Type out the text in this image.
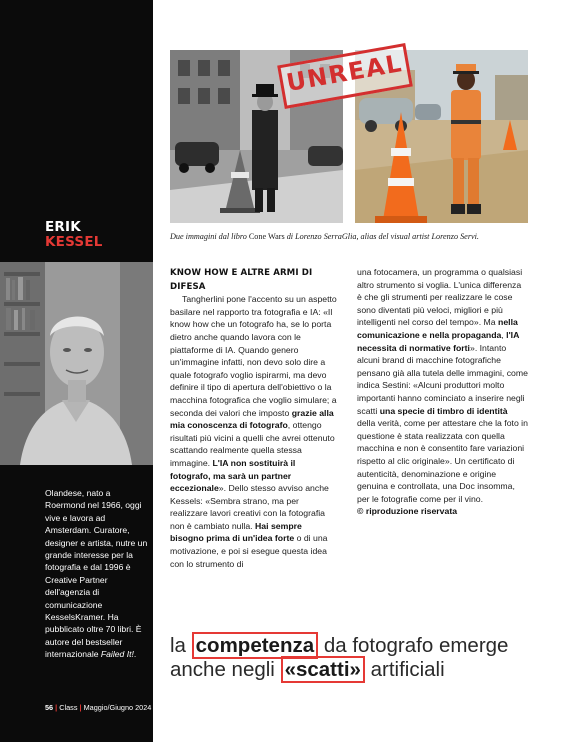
ERIK
KESSEL
Olandese, nato a Roermond nel 1966, oggi vive e lavora ad Amsterdam. Curatore, designer e artista, nutre un grande interesse per la fotografia e dal 1996 è Creative Partner dell'agenzia di comunicazione KesselsKramer. Ha pubblicato oltre 70 libri. È autore del bestseller internazionale Failed It!.
56 | Class | Maggio/Giugno 2024
UNREAL
Due immagini dal libro Cone Wars di Lorenzo SerraGlia, alias del visual artist Lorenzo Servi.

KNOW HOW E ALTRE ARMI DI DIFESA
Tangherlini pone l'accento su un aspetto basilare nel rapporto tra fotografia e IA: «Il know how che un fotografo ha, se lo porta dietro anche quando lavora con le piattaforme di IA. Quando genero un'immagine infatti, non devo solo dire a quale fotografo voglio ispirarmi, ma devo definire il tipo di apertura dell'obiettivo o la macchina fotografica che voglio simulare; a seconda dei valori che imposto grazie alla mia conoscenza di fotografo, ottengo risultati più vicini a quelli che avrei ottenuto scattando realmente quella stessa immagine. L'IA non sostituirà il fotografo, ma sarà un partner eccezionale». Dello stesso avviso anche Kessels: «Sembra strano, ma per realizzare lavori creativi con la fotografia non è cambiato nulla. Hai sempre bisogno prima di un'idea forte o di una motivazione, e poi si esegue questa idea con lo strumento di

una fotocamera, un programma o qualsiasi altro strumento si voglia. L'unica differenza è che gli strumenti per realizzare le cose sono diventati più veloci, migliori e più intelligenti nel corso del tempo». Ma nella comunicazione e nella propaganda, l'IA necessita di normative forti». Intanto alcuni brand di macchine fotografiche pensano già alla tutela delle immagini, come indica Sestini: «Alcuni produttori molto importanti hanno cominciato a inserire negli scatti una specie di timbro di identità della verità, come per attestare che la foto in questione è stata realizzata con quella macchina e non è consentito fare variazioni rispetto al clic originale». Un certificato di autenticità, denominazione e origine genuina e controllata, una Doc insomma, per le fotografie come per il vino.
© riproduzione riservata

la competenza da fotografo emerge anche negli «scatti» artificiali
